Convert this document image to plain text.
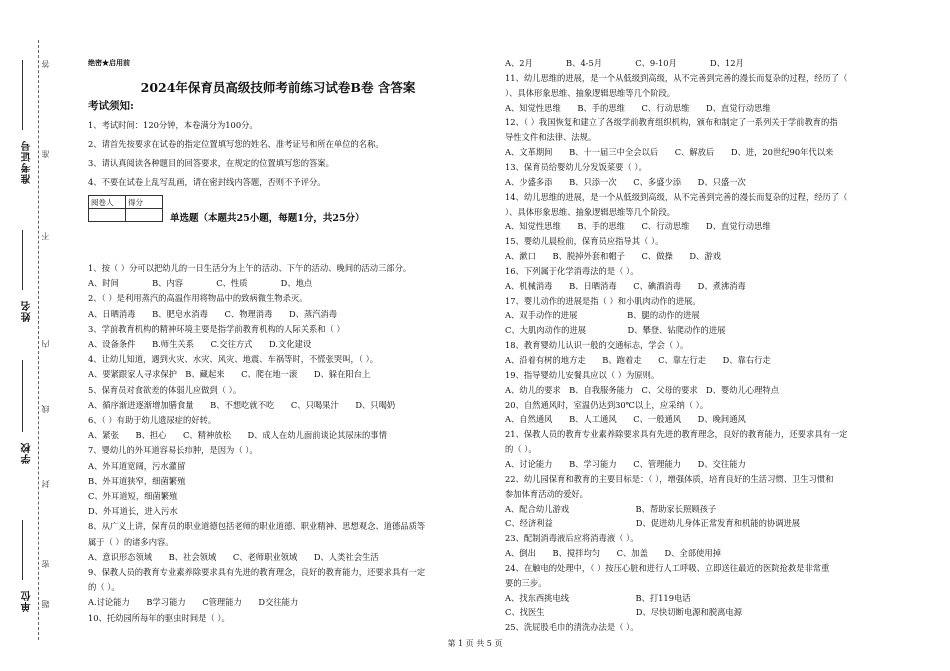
准考证号
姓名
学校
单位
密
封
线
内
不
准
答
题
绝密★启用前
2024年保育员高级技师考前练习试卷B卷 含答案
考试须知:
1、考试时间：120分钟，本卷满分为100分。
2、请首先按要求在试卷的指定位置填写您的姓名、准考证号和所在单位的名称。
3、请认真阅读各种题目的回答要求，在规定的位置填写您的答案。
4、不要在试卷上乱写乱画，请在密封线内答题，否则不予评分。
阅卷人	得分

单选题（本题共25小题，每题1分，共25分）
1、按（ ）分可以把幼儿的一日生活分为上午的活动、下午的活动、晚间的活动三部分。
A、时间　　　　B、内容　　　　C、性质　　　　D、地点
2、（ ）是利用蒸汽的高温作用将物品中的致病微生物杀灭。
A、日晒消毒　　B、肥皂水消毒　　C、物理消毒　　D、蒸汽消毒
3、学前教育机构的精神环境主要是指学前教育机构的人际关系和（ ）
A、设备条件　　B.师生关系　　C.交往方式　　D.文化建设
4、让幼儿知道，遇到火灾、水灾、风灾、地震、车祸等时，不慌张哭叫，（ ）。
A、要紧跟家人寻求保护　B、藏起来　　C、爬在地一滚　　D、躲在阳台上
5、保育员对食欲差的体弱儿应做到（ ）。
A、循序渐进逐渐增加膳食量　　B、不想吃就不吃　　C、只喝果汁　　D、只喝奶
6、（ ）有助于幼儿遗尿症的好转。
A、紧张　　B、担心　　C、精神放松　　D、成人在幼儿面前谈论其尿床的事情
7、婴幼儿的外耳道容易长疖肿，是因为（ ）。
A、外耳道宽阔，污水灌留
B、外耳道狭窄，细菌繁殖
C、外耳道短，细菌繁殖
D、外耳道长，进入污水
8、从广义上讲，保育员的职业道德包括老师的职业道德、职业精神、思想观念、道德品质等
属于（ ）的诸多内容。
A、意识形态领域　　B、社会领域　　C、老师职业领域　　D、人类社会生活
9、保教人员的教育专业素养除要求具有先进的教育理念，良好的教育能力，还要求具有一定
的（ ）。
A.讨论能力　　B学习能力　　C管理能力　　D交往能力
10、托幼园所每年的驱虫时间是（ ）。
A、2月　　　　B、4-5月　　　　C、9-10月　　　　D、12月
11、幼儿思维的进展，是一个从低级到高级，从不完善到完善的漫长而复杂的过程，经历了（
）、具体形象思维、抽象逻辑思维等几个阶段。
A、知觉性思维　　B、手的思维　　C、行动思维　　D、直觉行动思维
12、（ ）我国恢复和建立了各级学前教育组织机构，颁布和制定了一系列关于学前教育的指
导性文件和法律、法规。
A、文革期间　　B、十一届三中全会以后　　C、解放后　　D、进，20世纪90年代以来
13、保育员给婴幼儿分发饭菜要（ ）。
A、少盛多添　　B、只添一次　　C、多盛少添　　D、只盛一次
14、幼儿思维的进展，是一个从低级到高级，从不完善到完善的漫长而复杂的过程，经历了（
）、具体形象思维、抽象逻辑思维等几个阶段。
A、知觉性思维　　B、手的思维　　C、行动思维　　D、直觉行动思维
15、婴幼儿晨检前，保育员应指导其（ ）。
A、漱口　　B、脱掉外套和帽子　　C、做操　　D、游戏
16、下列属于化学消毒法的是（ ）。
A、机械消毒　　B、日晒消毒　　C、碘酒消毒　　D、煮沸消毒
17、婴儿动作的进展是指（ ）和小肌肉动作的进展。
A、双手动作的进展　　　　　　B、腿的动作的进展
C、大肌肉动作的进展　　　　　D、攀登、钻爬动作的进展
18、教育婴幼儿认识一般的交通标志，学会（ ）。
A、沿着有树的地方走　　B、跑着走　　C、靠左行走　　D、靠右行走
19、指导婴幼儿安餐具应以（ ）为原则。
A、幼儿的要求　B、自我服务能力　C、父母的要求　D、婴幼儿心理特点
20、自然通风时，室温仍达到30℃以上，应采纳（ ）。
A、自然通风　　B、人工通风　　C、一般通风　　D、晚间通风
21、保教人员的教育专业素养除要求具有先进的教育理念，良好的教育能力，还要求具有一定
的（ ）。
A、讨论能力　　B、学习能力　　C、管理能力　　D、交往能力
22、幼儿园保育和教育的主要目标是：（ ），增强体质，培育良好的生活习惯、卫生习惯和
参加体育活动的爱好。
A、配合幼儿游戏　　　　　　　　B、帮助家长照顾孩子
C、经济利益　　　　　　　　　　D、促进幼儿身体正常发育和机能的协调进展
23、配制消毒液后应将消毒液（ ）。
A、倒出　　B、搅拌均匀　　C、加盖　　D、全部使用掉
24、在触电的处理中，（ ）按压心脏和进行人工呼吸、立即送往最近的医院抢救是非常重
要的三步。
A、找东西挑电线　　　　　　　　B、打119电话
C、找医生　　　　　　　　　　　D、尽快切断电源和脱离电源
25、洗屁股毛巾的清洗办法是（ ）。
第 1 页 共 5 页
